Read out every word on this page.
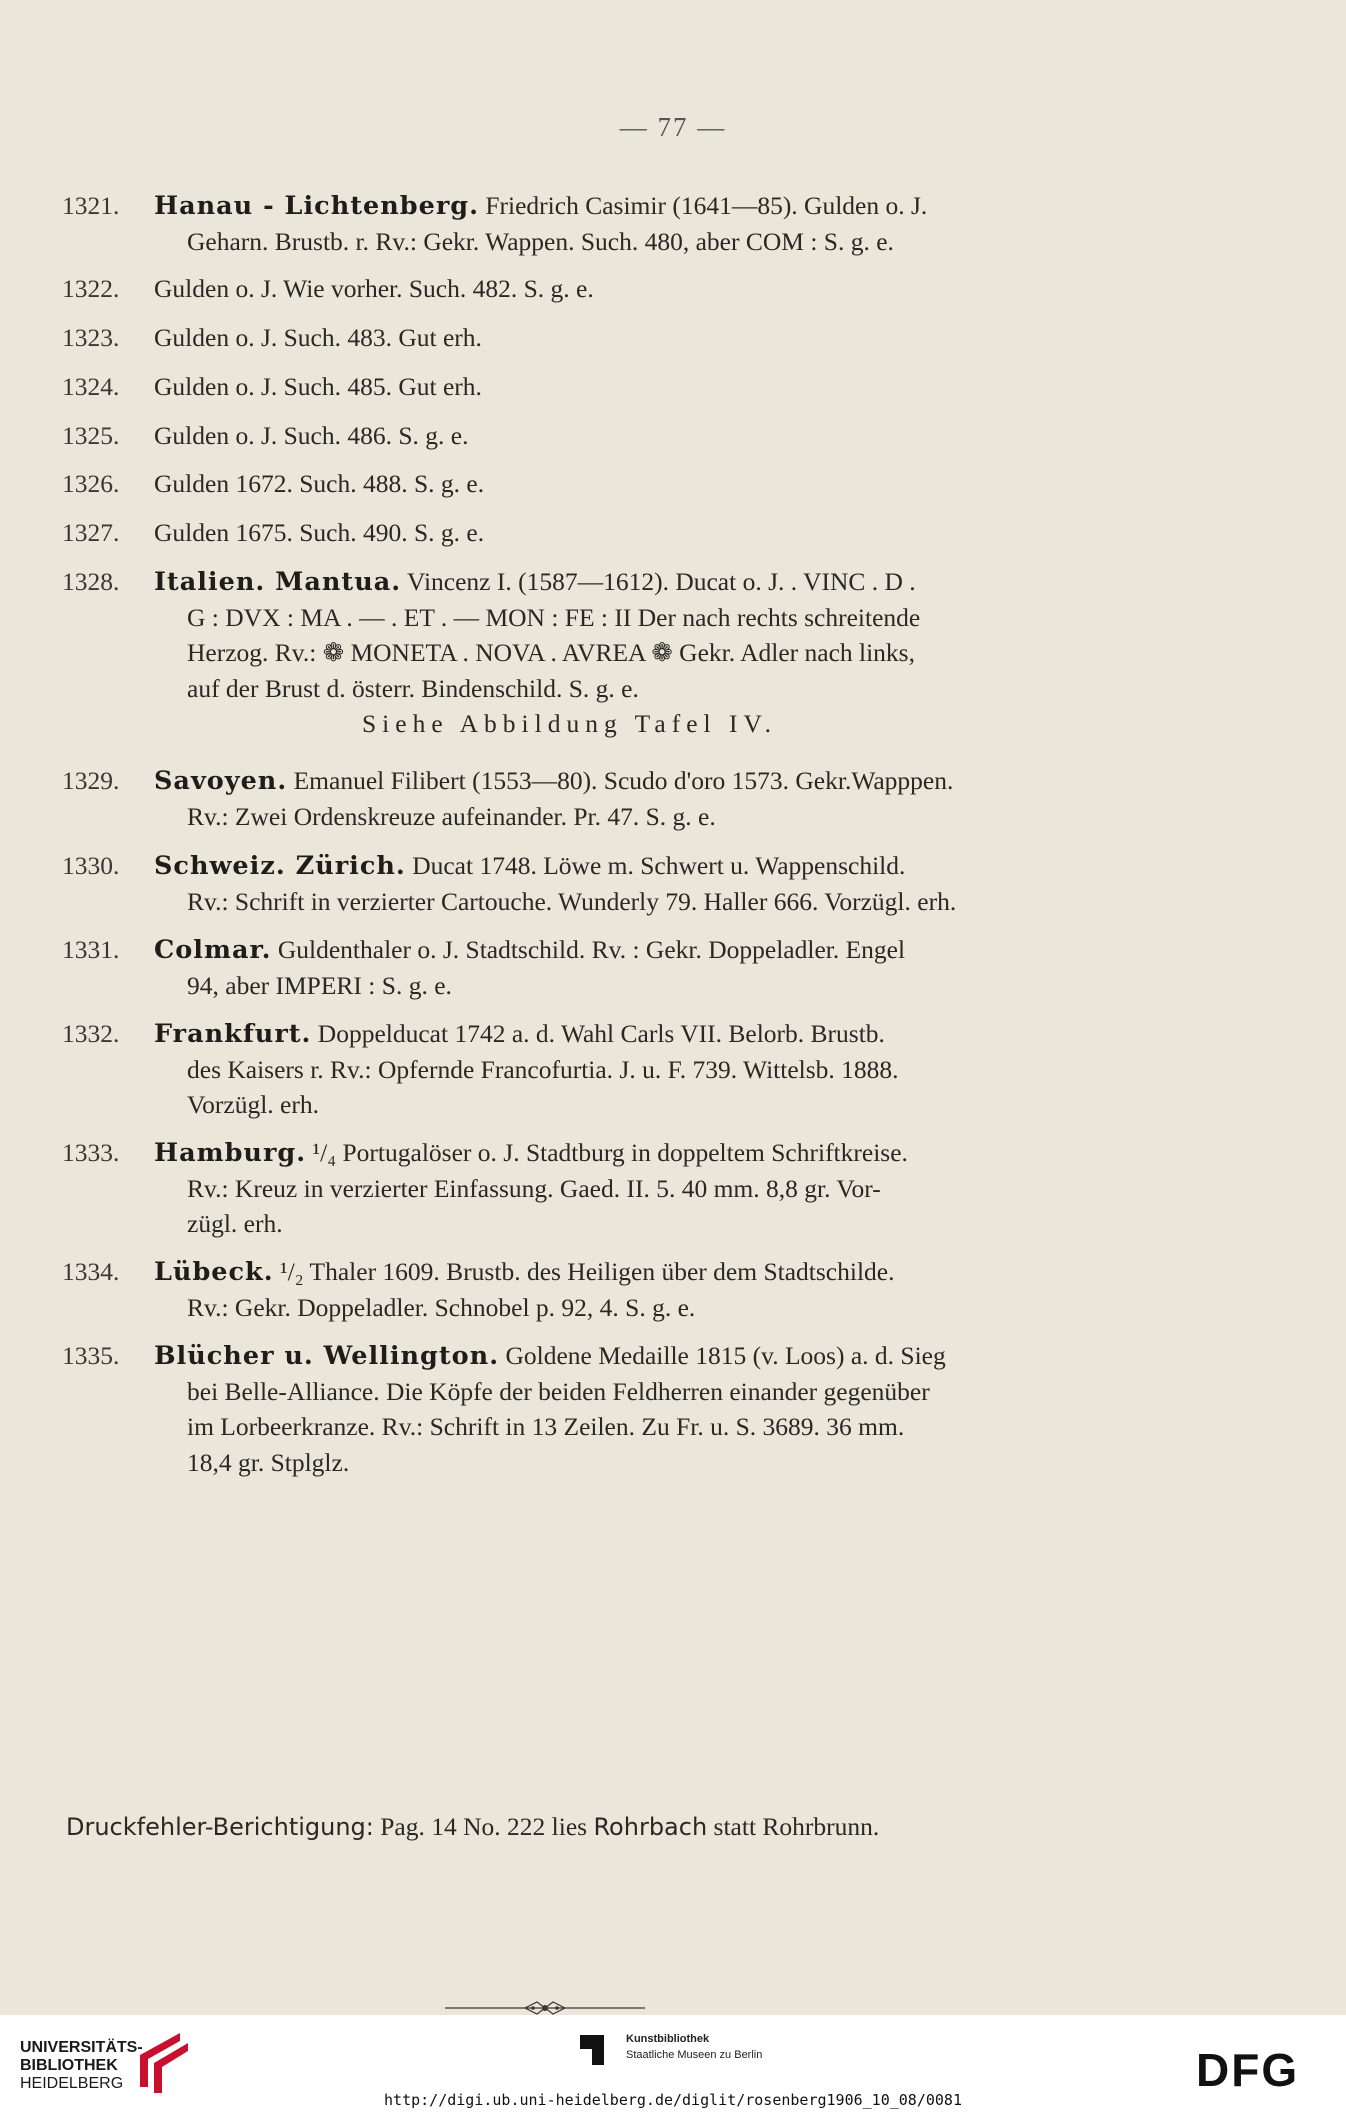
— 77 —
1321.	Hanau - Lichtenberg. Friedrich Casimir (1641—85). Gulden o. J.
Geharn. Brustb. r. Rv.: Gekr. Wappen. Such. 480, aber COM : S. g. e.
1322.	Gulden o. J. Wie vorher. Such. 482. S. g. e.
1323.	Gulden o. J. Such. 483. Gut erh.
1324.	Gulden o. J. Such. 485. Gut erh.
1325.	Gulden o. J. Such. 486. S. g. e.
1326.	Gulden 1672. Such. 488. S. g. e.
1327.	Gulden 1675. Such. 490. S. g. e.
1328.	Italien. Mantua. Vincenz I. (1587—1612). Ducat o. J. . VINC . D .
G : DVX : MA . — . ET . — MON : FE : II Der nach rechts schreitende
Herzog. Rv.: ❁ MONETA . NOVA . AVREA ❁ Gekr. Adler nach links,
auf der Brust d. österr. Bindenschild. S. g. e.
Siehe Abbildung Tafel IV.
1329.	Savoyen. Emanuel Filibert (1553—80). Scudo d'oro 1573. Gekr.Wapppen.
Rv.: Zwei Ordenskreuze aufeinander. Pr. 47. S. g. e.
1330.	Schweiz. Zürich. Ducat 1748. Löwe m. Schwert u. Wappenschild.
Rv.: Schrift in verzierter Cartouche. Wunderly 79. Haller 666. Vorzügl. erh.
1331.	Colmar. Guldenthaler o. J. Stadtschild. Rv. : Gekr. Doppeladler. Engel
94, aber IMPERI : S. g. e.
1332.	Frankfurt. Doppelducat 1742 a. d. Wahl Carls VII. Belorb. Brustb.
des Kaisers r. Rv.: Opfernde Francofurtia. J. u. F. 739. Wittelsb. 1888.
Vorzügl. erh.
1333.	Hamburg. ¹/₄ Portugalöser o. J. Stadtburg in doppeltem Schriftkreise.
Rv.: Kreuz in verzierter Einfassung. Gaed. II. 5. 40 mm. 8,8 gr. Vor-
zügl. erh.
1334.	Lübeck. ¹/₂ Thaler 1609. Brustb. des Heiligen über dem Stadtschilde.
Rv.: Gekr. Doppeladler. Schnobel p. 92, 4. S. g. e.
1335.	Blücher u. Wellington. Goldene Medaille 1815 (v. Loos) a. d. Sieg
bei Belle-Alliance. Die Köpfe der beiden Feldherren einander gegenüber
im Lorbeerkranze. Rv.: Schrift in 13 Zeilen. Zu Fr. u. S. 3689. 36 mm.
18,4 gr. Stplglz.
Druckfehler-Berichtigung: Pag. 14 No. 222 lies Rohrbach statt Rohrbrunn.
UNIVERSITÄTS-
BIBLIOTHEK
HEIDELBERG
Kunstbibliothek
Staatliche Museen zu Berlin	DFG
http://digi.ub.uni-heidelberg.de/diglit/rosenberg1906_10_08/0081
